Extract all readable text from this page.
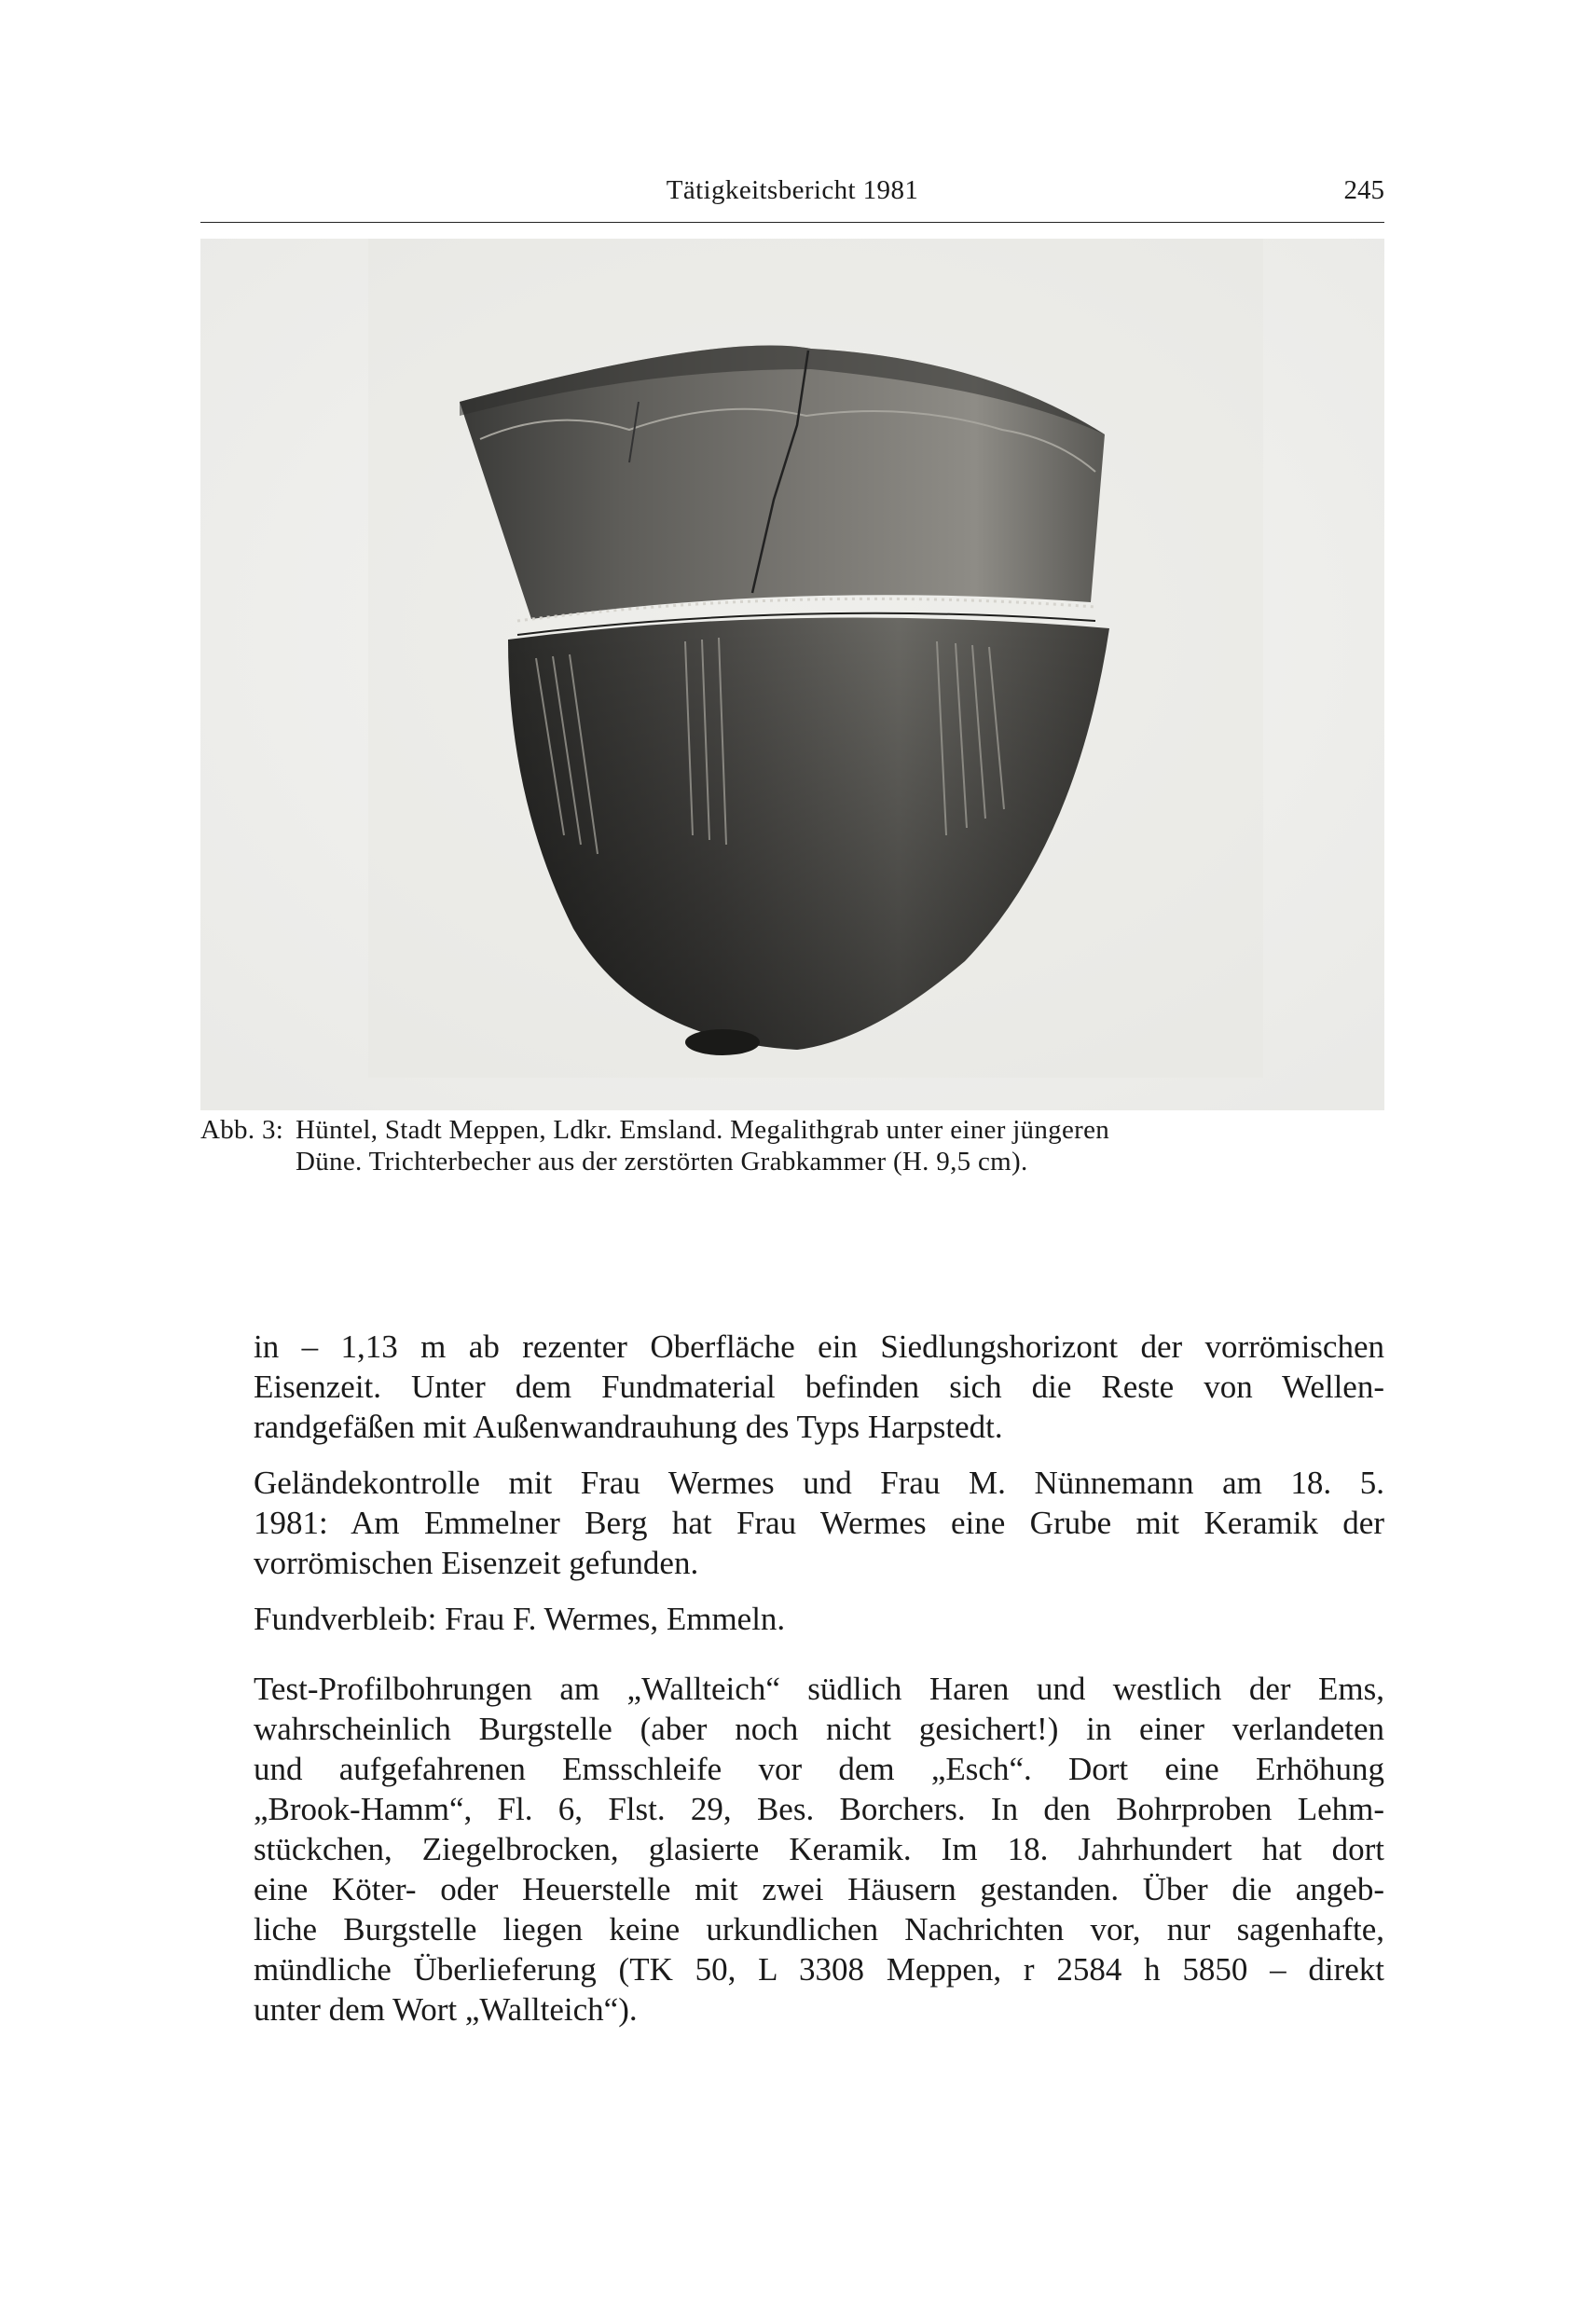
Tätigkeitsbericht 1981	245
Abb. 3: Hüntel, Stadt Meppen, Ldkr. Emsland. Megalithgrab unter einer jüngeren
Düne. Trichterbecher aus der zerstörten Grabkammer (H. 9,5 cm).
in – 1,13 m ab rezenter Oberfläche ein Siedlungshorizont der vorrömischen
Eisenzeit. Unter dem Fundmaterial befinden sich die Reste von Wellen-
randgefäßen mit Außenwandrauhung des Typs Harpstedt.
Geländekontrolle mit Frau Wermes und Frau M. Nünnemann am 18. 5.
1981: Am Emmelner Berg hat Frau Wermes eine Grube mit Keramik der
vorrömischen Eisenzeit gefunden.
Fundverbleib: Frau F. Wermes, Emmeln.
Test-Profilbohrungen am „Wallteich“ südlich Haren und westlich der Ems,
wahrscheinlich Burgstelle (aber noch nicht gesichert!) in einer verlandeten
und aufgefahrenen Emsschleife vor dem „Esch“. Dort eine Erhöhung
„Brook-Hamm“, Fl. 6, Flst. 29, Bes. Borchers. In den Bohrproben Lehm-
stückchen, Ziegelbrocken, glasierte Keramik. Im 18. Jahrhundert hat dort
eine Köter- oder Heuerstelle mit zwei Häusern gestanden. Über die angeb-
liche Burgstelle liegen keine urkundlichen Nachrichten vor, nur sagenhafte,
mündliche Überlieferung (TK 50, L 3308 Meppen, r 2584 h 5850 – direkt
unter dem Wort „Wallteich“).
